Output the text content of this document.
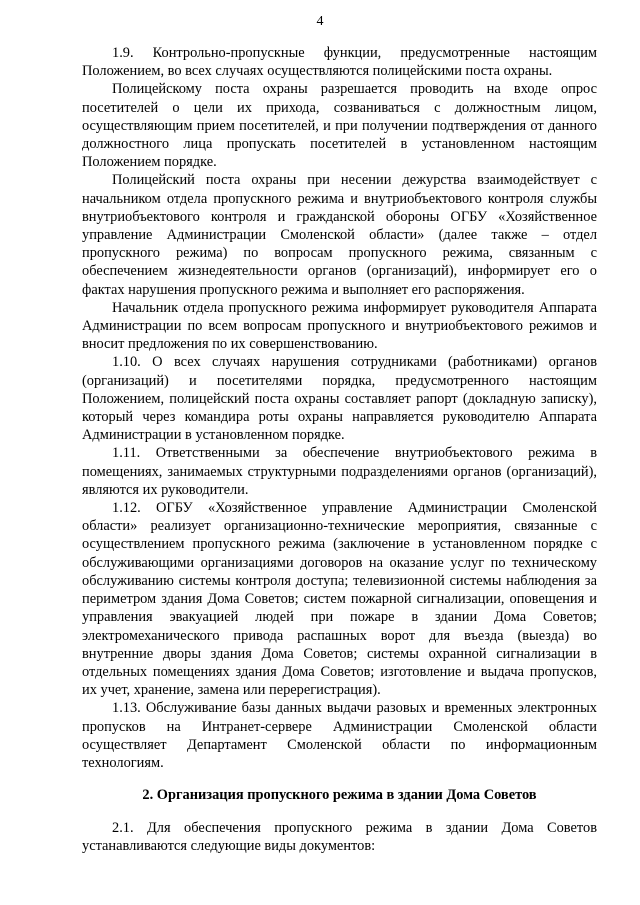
4

1.9. Контрольно-пропускные функции, предусмотренные настоящим Положением, во всех случаях осуществляются полицейскими поста охраны.

Полицейскому поста охраны разрешается проводить на входе опрос посетителей о цели их прихода, созваниваться с должностным лицом, осуществляющим прием посетителей, и при получении подтверждения от данного должностного лица пропускать посетителей в установленном настоящим Положением порядке.

Полицейский поста охраны при несении дежурства взаимодействует с начальником отдела пропускного режима и внутриобъектового контроля службы внутриобъектового контроля и гражданской обороны ОГБУ «Хозяйственное управление Администрации Смоленской области» (далее также – отдел пропускного режима) по вопросам пропускного режима, связанным с обеспечением жизнедеятельности органов (организаций), информирует его о фактах нарушения пропускного режима и выполняет его распоряжения.

Начальник отдела пропускного режима информирует руководителя Аппарата Администрации по всем вопросам пропускного и внутриобъектового режимов и вносит предложения по их совершенствованию.

1.10. О всех случаях нарушения сотрудниками (работниками) органов (организаций) и посетителями порядка, предусмотренного настоящим Положением, полицейский поста охраны составляет рапорт (докладную записку), который через командира роты охраны направляется руководителю Аппарата Администрации в установленном порядке.

1.11. Ответственными за обеспечение внутриобъектового режима в помещениях, занимаемых структурными подразделениями органов (организаций), являются их руководители.

1.12. ОГБУ «Хозяйственное управление Администрации Смоленской области» реализует организационно-технические мероприятия, связанные с осуществлением пропускного режима (заключение в установленном порядке с обслуживающими организациями договоров на оказание услуг по техническому обслуживанию системы контроля доступа; телевизионной системы наблюдения за периметром здания Дома Советов; систем пожарной сигнализации, оповещения и управления эвакуацией людей при пожаре в здании Дома Советов; электромеханического привода распашных ворот для въезда (выезда) во внутренние дворы здания Дома Советов; системы охранной сигнализации в отдельных помещениях здания Дома Советов; изготовление и выдача пропусков, их учет, хранение, замена или перерегистрация).

1.13. Обслуживание базы данных выдачи разовых и временных электронных пропусков на Интранет-сервере Администрации Смоленской области осуществляет Департамент Смоленской области по информационным технологиям.

2. Организация пропускного режима в здании Дома Советов

2.1. Для обеспечения пропускного режима в здании Дома Советов устанавливаются следующие виды документов:
